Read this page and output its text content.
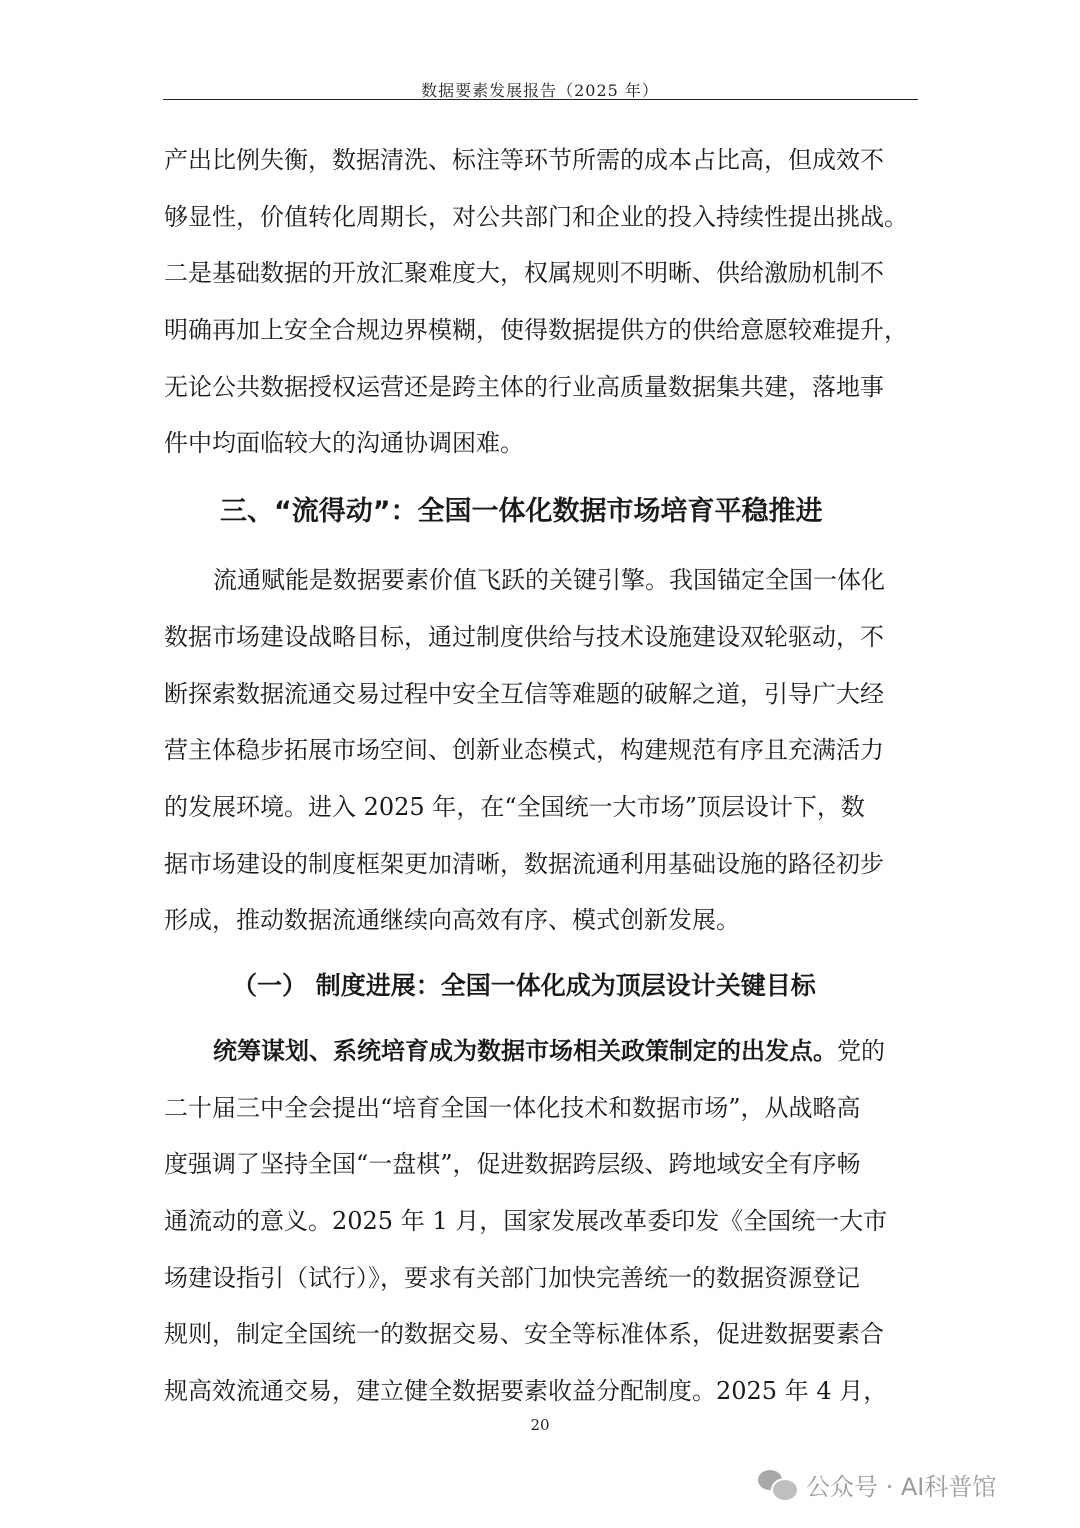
数据要素发展报告（2025 年）
产出比例失衡，数据清洗、标注等环节所需的成本占比高，但成效不
够显性，价值转化周期长，对公共部门和企业的投入持续性提出挑战。
二是基础数据的开放汇聚难度大，权属规则不明晰、供给激励机制不
明确再加上安全合规边界模糊，使得数据提供方的供给意愿较难提升，
无论公共数据授权运营还是跨主体的行业高质量数据集共建，落地事
件中均面临较大的沟通协调困难。
三、“流得动”：全国一体化数据市场培育平稳推进
流通赋能是数据要素价值飞跃的关键引擎。我国锚定全国一体化
数据市场建设战略目标，通过制度供给与技术设施建设双轮驱动，不
断探索数据流通交易过程中安全互信等难题的破解之道，引导广大经
营主体稳步拓展市场空间、创新业态模式，构建规范有序且充满活力
的发展环境。进入 2025 年，在“全国统一大市场”顶层设计下，数
据市场建设的制度框架更加清晰，数据流通利用基础设施的路径初步
形成，推动数据流通继续向高效有序、模式创新发展。
（一） 制度进展：全国一体化成为顶层设计关键目标
统筹谋划、系统培育成为数据市场相关政策制定的出发点。党的
二十届三中全会提出“培育全国一体化技术和数据市场”，从战略高
度强调了坚持全国“一盘棋”，促进数据跨层级、跨地域安全有序畅
通流动的意义。2025 年 1 月，国家发展改革委印发《全国统一大市
场建设指引（试行）》，要求有关部门加快完善统一的数据资源登记
规则，制定全国统一的数据交易、安全等标准体系，促进数据要素合
规高效流通交易，建立健全数据要素收益分配制度。2025 年 4 月，
20
公众号 · AI科普馆
